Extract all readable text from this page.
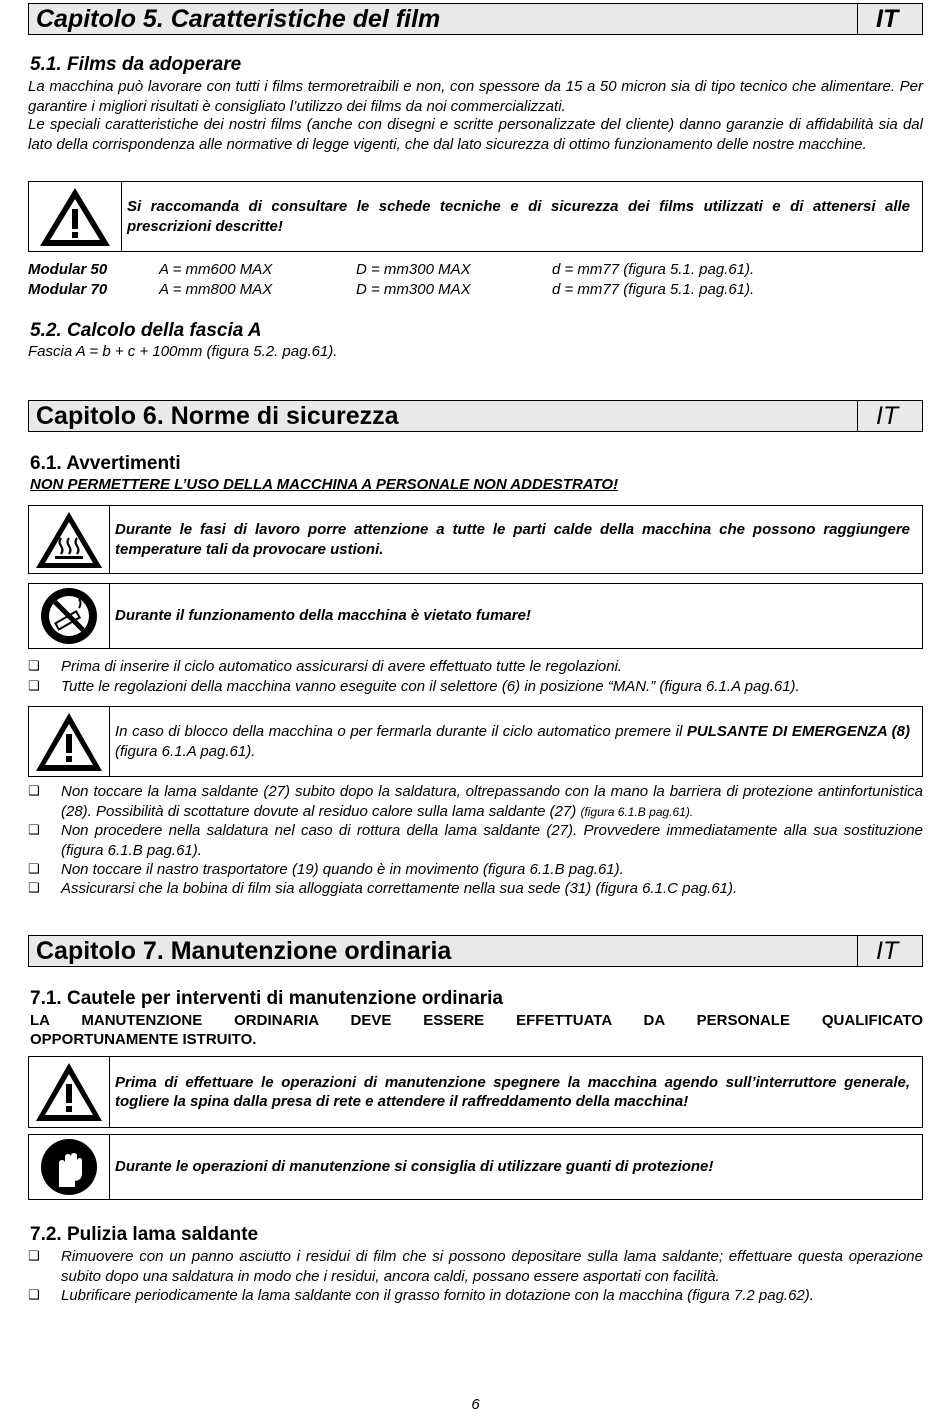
Capitolo 5. Caratteristiche del film	IT
5.1. Films da adoperare
La macchina può lavorare con tutti i films termoretraibili e non, con spessore da 15 a 50 micron sia di tipo tecnico che alimentare. Per garantire i migliori risultati è consigliato l’utilizzo dei films da noi commercializzati.
Le speciali caratteristiche dei nostri films (anche con disegni e scritte personalizzate del cliente) danno garanzie di affidabilità sia dal lato della corrispondenza alle normative di legge vigenti, che dal lato sicurezza di ottimo funzionamento delle nostre macchine.
Si raccomanda di consultare le schede tecniche e di sicurezza dei films utilizzati e di attenersi alle prescrizioni descritte!
Modular 50	A = mm600 MAX	D = mm300 MAX	d = mm77 (figura 5.1. pag.61).
Modular 70	A = mm800 MAX	D = mm300 MAX	d = mm77 (figura 5.1. pag.61).
5.2. Calcolo della fascia A
Fascia A = b + c + 100mm (figura 5.2. pag.61).
Capitolo 6. Norme di sicurezza	IT
6.1. Avvertimenti
NON PERMETTERE L’USO DELLA MACCHINA A PERSONALE NON ADDESTRATO!
Durante le fasi di lavoro porre attenzione a tutte le parti calde della macchina che possono raggiungere temperature tali da provocare ustioni.
Durante il funzionamento della macchina è vietato fumare!
❑ Prima di inserire il ciclo automatico assicurarsi di avere effettuato tutte le regolazioni.
❑ Tutte le regolazioni della macchina vanno eseguite con il selettore (6) in posizione “MAN.” (figura 6.1.A pag.61).
In caso di blocco della macchina o per fermarla durante il ciclo automatico premere il PULSANTE DI EMERGENZA (8) (figura 6.1.A pag.61).
❑ Non toccare la lama saldante (27) subito dopo la saldatura, oltrepassando con la mano la barriera di protezione antinfortunistica (28). Possibilità di scottature dovute al residuo calore sulla lama saldante (27) (figura 6.1.B pag.61).
❑ Non procedere nella saldatura nel caso di rottura della lama saldante (27). Provvedere immediatamente alla sua sostituzione (figura 6.1.B pag.61).
❑ Non toccare il nastro trasportatore (19) quando è in movimento (figura 6.1.B pag.61).
❑ Assicurarsi che la bobina di film sia alloggiata correttamente nella sua sede (31) (figura 6.1.C pag.61).
Capitolo 7. Manutenzione ordinaria	IT
7.1. Cautele per interventi di manutenzione ordinaria
LA MANUTENZIONE ORDINARIA DEVE ESSERE EFFETTUATA DA PERSONALE QUALIFICATO
OPPORTUNAMENTE ISTRUITO.
Prima di effettuare le operazioni di manutenzione spegnere la macchina agendo sull’interruttore generale, togliere la spina dalla presa di rete e attendere il raffreddamento della macchina!
Durante le operazioni di manutenzione si consiglia di utilizzare guanti di protezione!
7.2. Pulizia lama saldante
❑ Rimuovere con un panno asciutto i residui di film che si possono depositare sulla lama saldante; effettuare questa operazione subito dopo una saldatura in modo che i residui, ancora caldi, possano essere asportati con facilità.
❑ Lubrificare periodicamente la lama saldante con il grasso fornito in dotazione con la macchina (figura 7.2 pag.62).
6
